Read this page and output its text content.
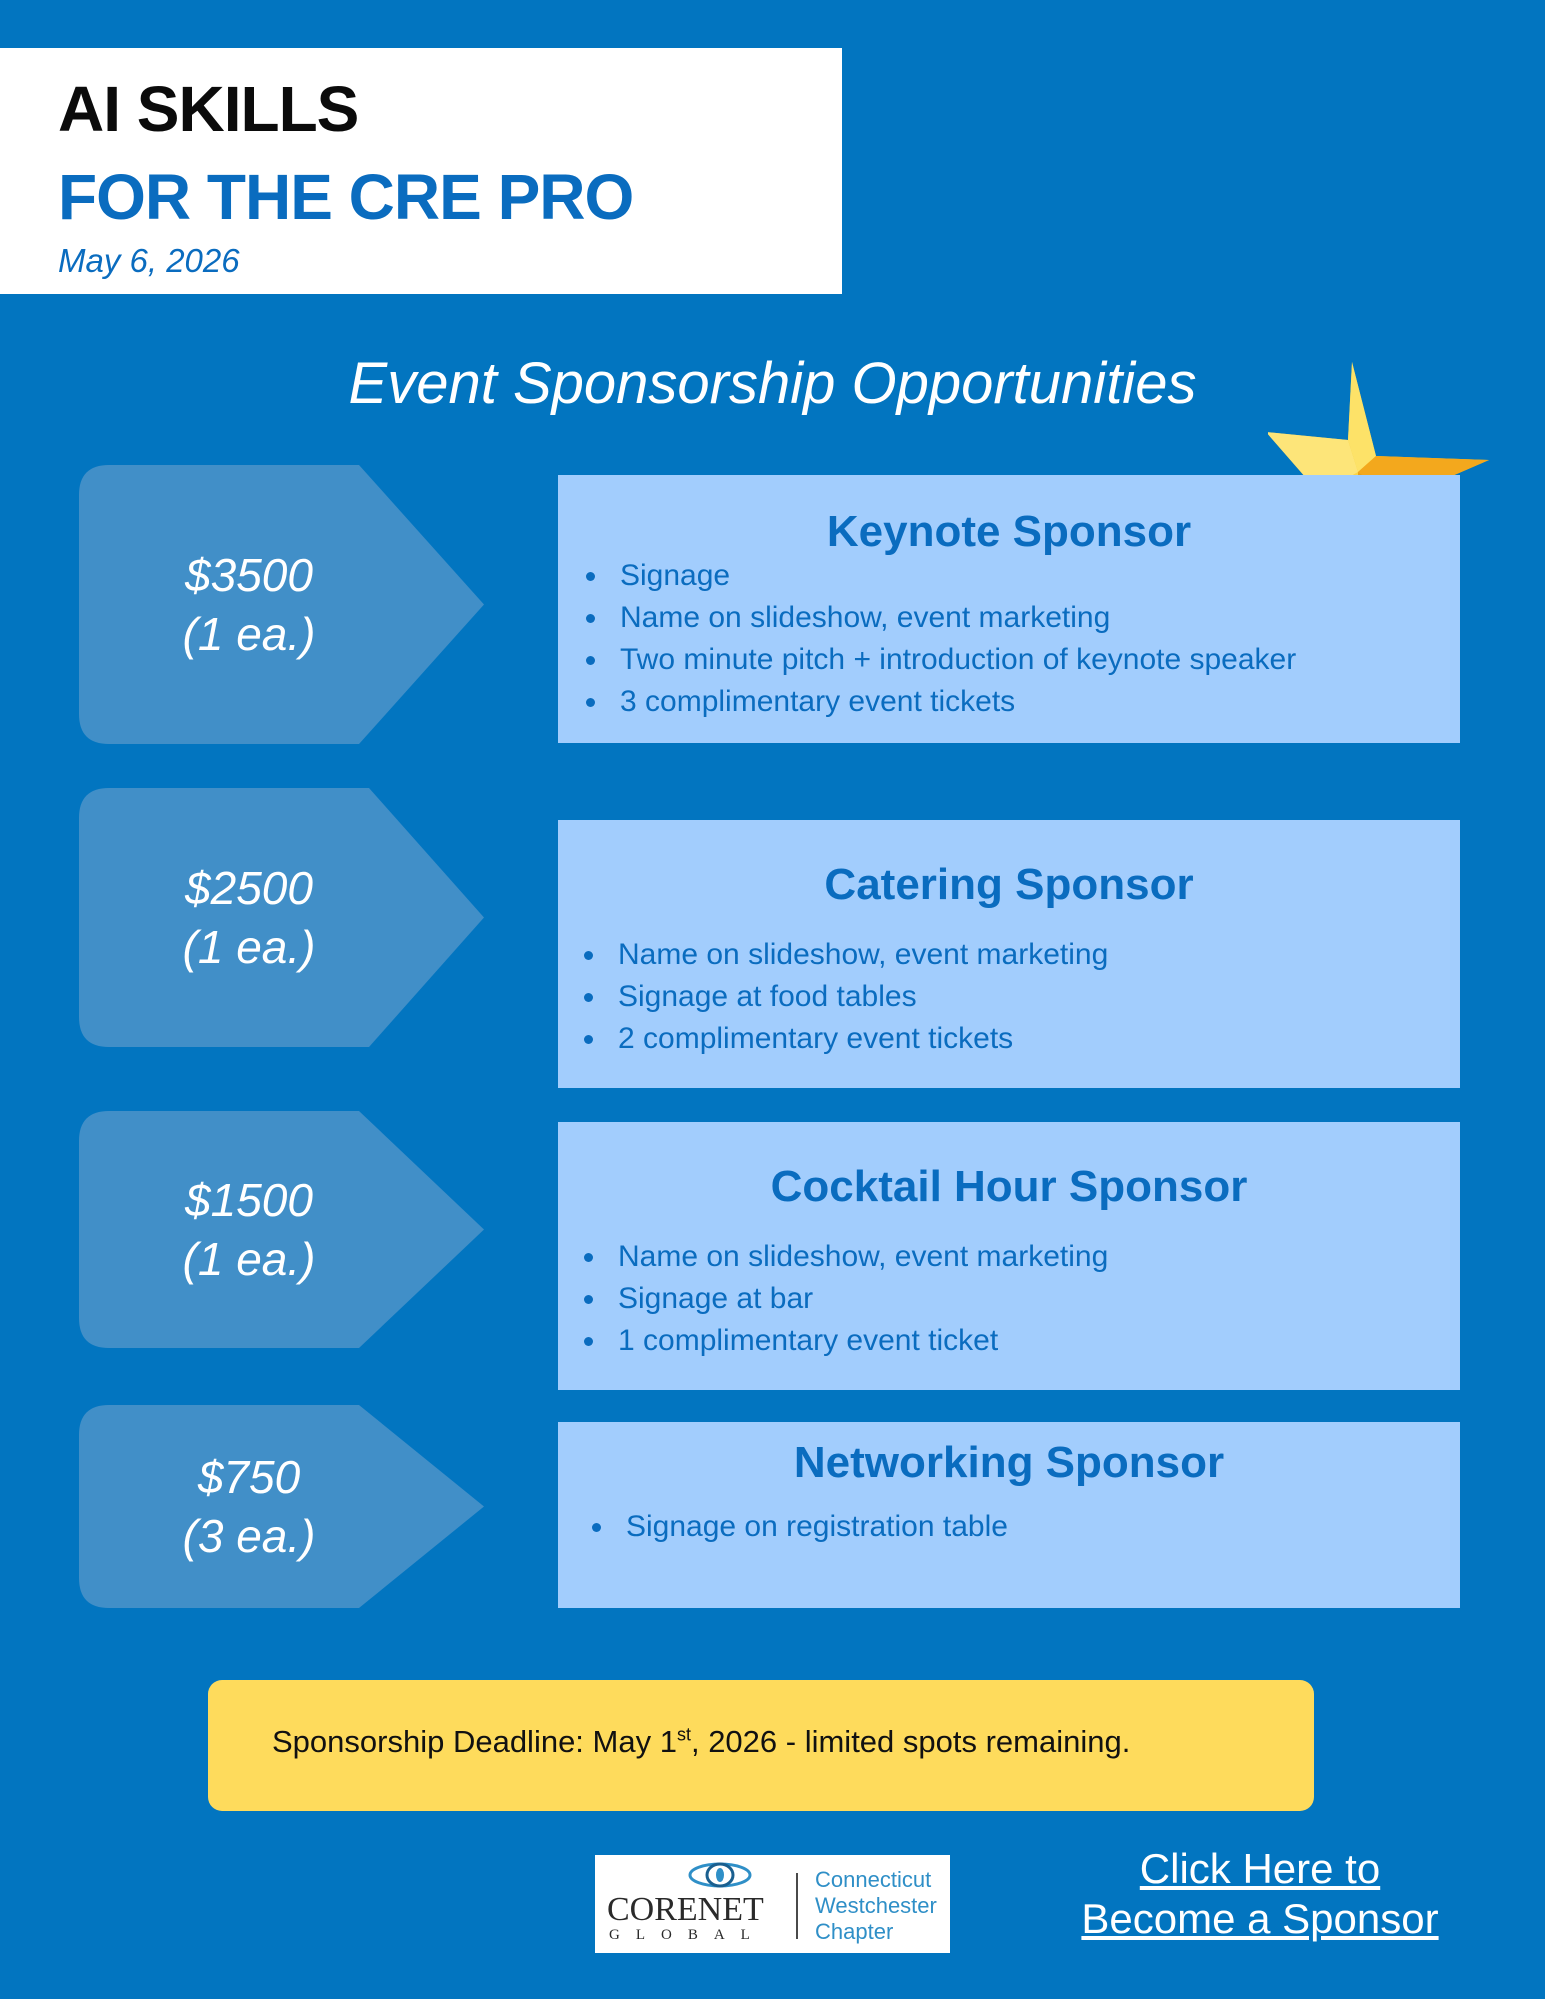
AI SKILLS
FOR THE CRE PRO
May 6, 2026
Event Sponsorship Opportunities
$3500
(1 ea.)
Keynote Sponsor
Signage
Name on slideshow, event marketing
Two minute pitch + introduction of keynote speaker
3 complimentary event tickets
$2500
(1 ea.)
Catering Sponsor
Name on slideshow, event marketing
Signage at food tables
2 complimentary event tickets
$1500
(1 ea.)
Cocktail Hour Sponsor
Name on slideshow, event marketing
Signage at bar
1 complimentary event ticket
$750
(3 ea.)
Networking Sponsor
Signage on registration table
Sponsorship Deadline: May 1st, 2026 - limited spots remaining.
CORENET
GLOBAL
Connecticut
Westchester
Chapter
Click Here to
Become a Sponsor
